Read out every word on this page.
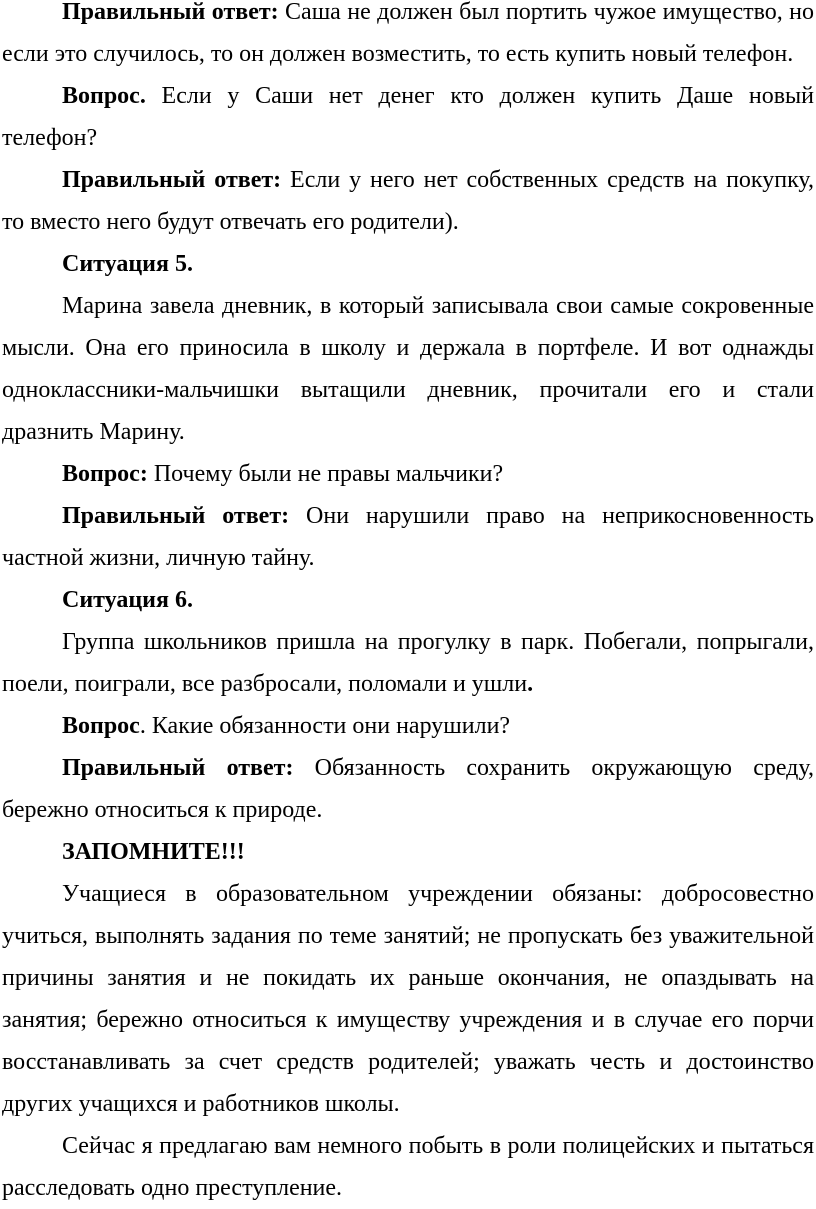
Правильный ответ: Саша не должен был портить чужое имущество, но если это случилось, то он должен возместить, то есть купить новый телефон.

Вопрос. Если у Саши нет денег кто должен купить Даше новый телефон?

Правильный ответ: Если у него нет собственных средств на покупку, то вместо него будут отвечать его родители).

Ситуация 5.

Марина завела дневник, в который записывала свои самые сокровенные мысли. Она его приносила в школу и держала в портфеле. И вот однажды одноклассники-мальчишки вытащили дневник, прочитали его и стали дразнить Марину.

Вопрос: Почему были не правы мальчики?

Правильный ответ: Они нарушили право на неприкосновенность частной жизни, личную тайну.

Ситуация 6.

Группа школьников пришла на прогулку в парк. Побегали, попрыгали, поели, поиграли, все разбросали, поломали и ушли.

Вопрос. Какие обязанности они нарушили?

Правильный ответ: Обязанность сохранить окружающую среду, бережно относиться к природе.

ЗАПОМНИТЕ!!!

Учащиеся в образовательном учреждении обязаны: добросовестно учиться, выполнять задания по теме занятий; не пропускать без уважительной причины занятия и не покидать их раньше окончания, не опаздывать на занятия; бережно относиться к имуществу учреждения и в случае его порчи восстанавливать за счет средств родителей; уважать честь и достоинство других учащихся и работников школы.

Сейчас я предлагаю вам немного побыть в роли полицейских и пытаться расследовать одно преступление.
